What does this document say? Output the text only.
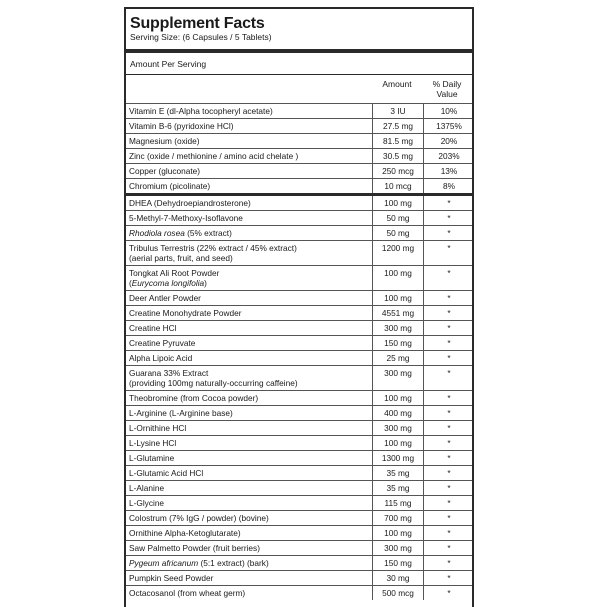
Supplement Facts
Serving Size: (6 Capsules / 5 Tablets)
Amount Per Serving
Amount	% Daily
Value
Vitamin E (dl-Alpha tocopheryl acetate)	3 IU	10%
Vitamin B-6 (pyridoxine HCl)	27.5 mg	1375%
Magnesium (oxide)	81.5 mg	20%
Zinc (oxide / methionine / amino acid chelate )	30.5 mg	203%
Copper (gluconate)	250 mcg	13%
Chromium (picolinate)	10 mcg	8%
DHEA (Dehydroepiandrosterone)	100 mg	*
5-Methyl-7-Methoxy-Isoflavone	50 mg	*
Rhodiola rosea (5% extract)	50 mg	*
Tribulus Terrestris (22% extract / 45% extract)
(aerial parts, fruit, and seed)	1200 mg	*
Tongkat Ali Root Powder
(Eurycoma longifolia)	100 mg	*
Deer Antler Powder	100 mg	*
Creatine Monohydrate Powder	4551 mg	*
Creatine HCl	300 mg	*
Creatine Pyruvate	150 mg	*
Alpha Lipoic Acid	25 mg	*
Guarana 33% Extract
(providing 100mg naturally-occurring caffeine)	300 mg	*
Theobromine (from Cocoa powder)	100 mg	*
L-Arginine (L-Arginine base)	400 mg	*
L-Ornithine HCl	300 mg	*
L-Lysine HCl	100 mg	*
L-Glutamine	1300 mg	*
L-Glutamic Acid HCl	35 mg	*
L-Alanine	35 mg	*
L-Glycine	115 mg	*
Colostrum (7% IgG / powder) (bovine)	700 mg	*
Ornithine Alpha-Ketoglutarate)	100 mg	*
Saw Palmetto Powder (fruit berries)	300 mg	*
Pygeum africanum (5:1 extract) (bark)	150 mg	*
Pumpkin Seed Powder	30 mg	*
Octacosanol (from wheat germ)	500 mcg	*
